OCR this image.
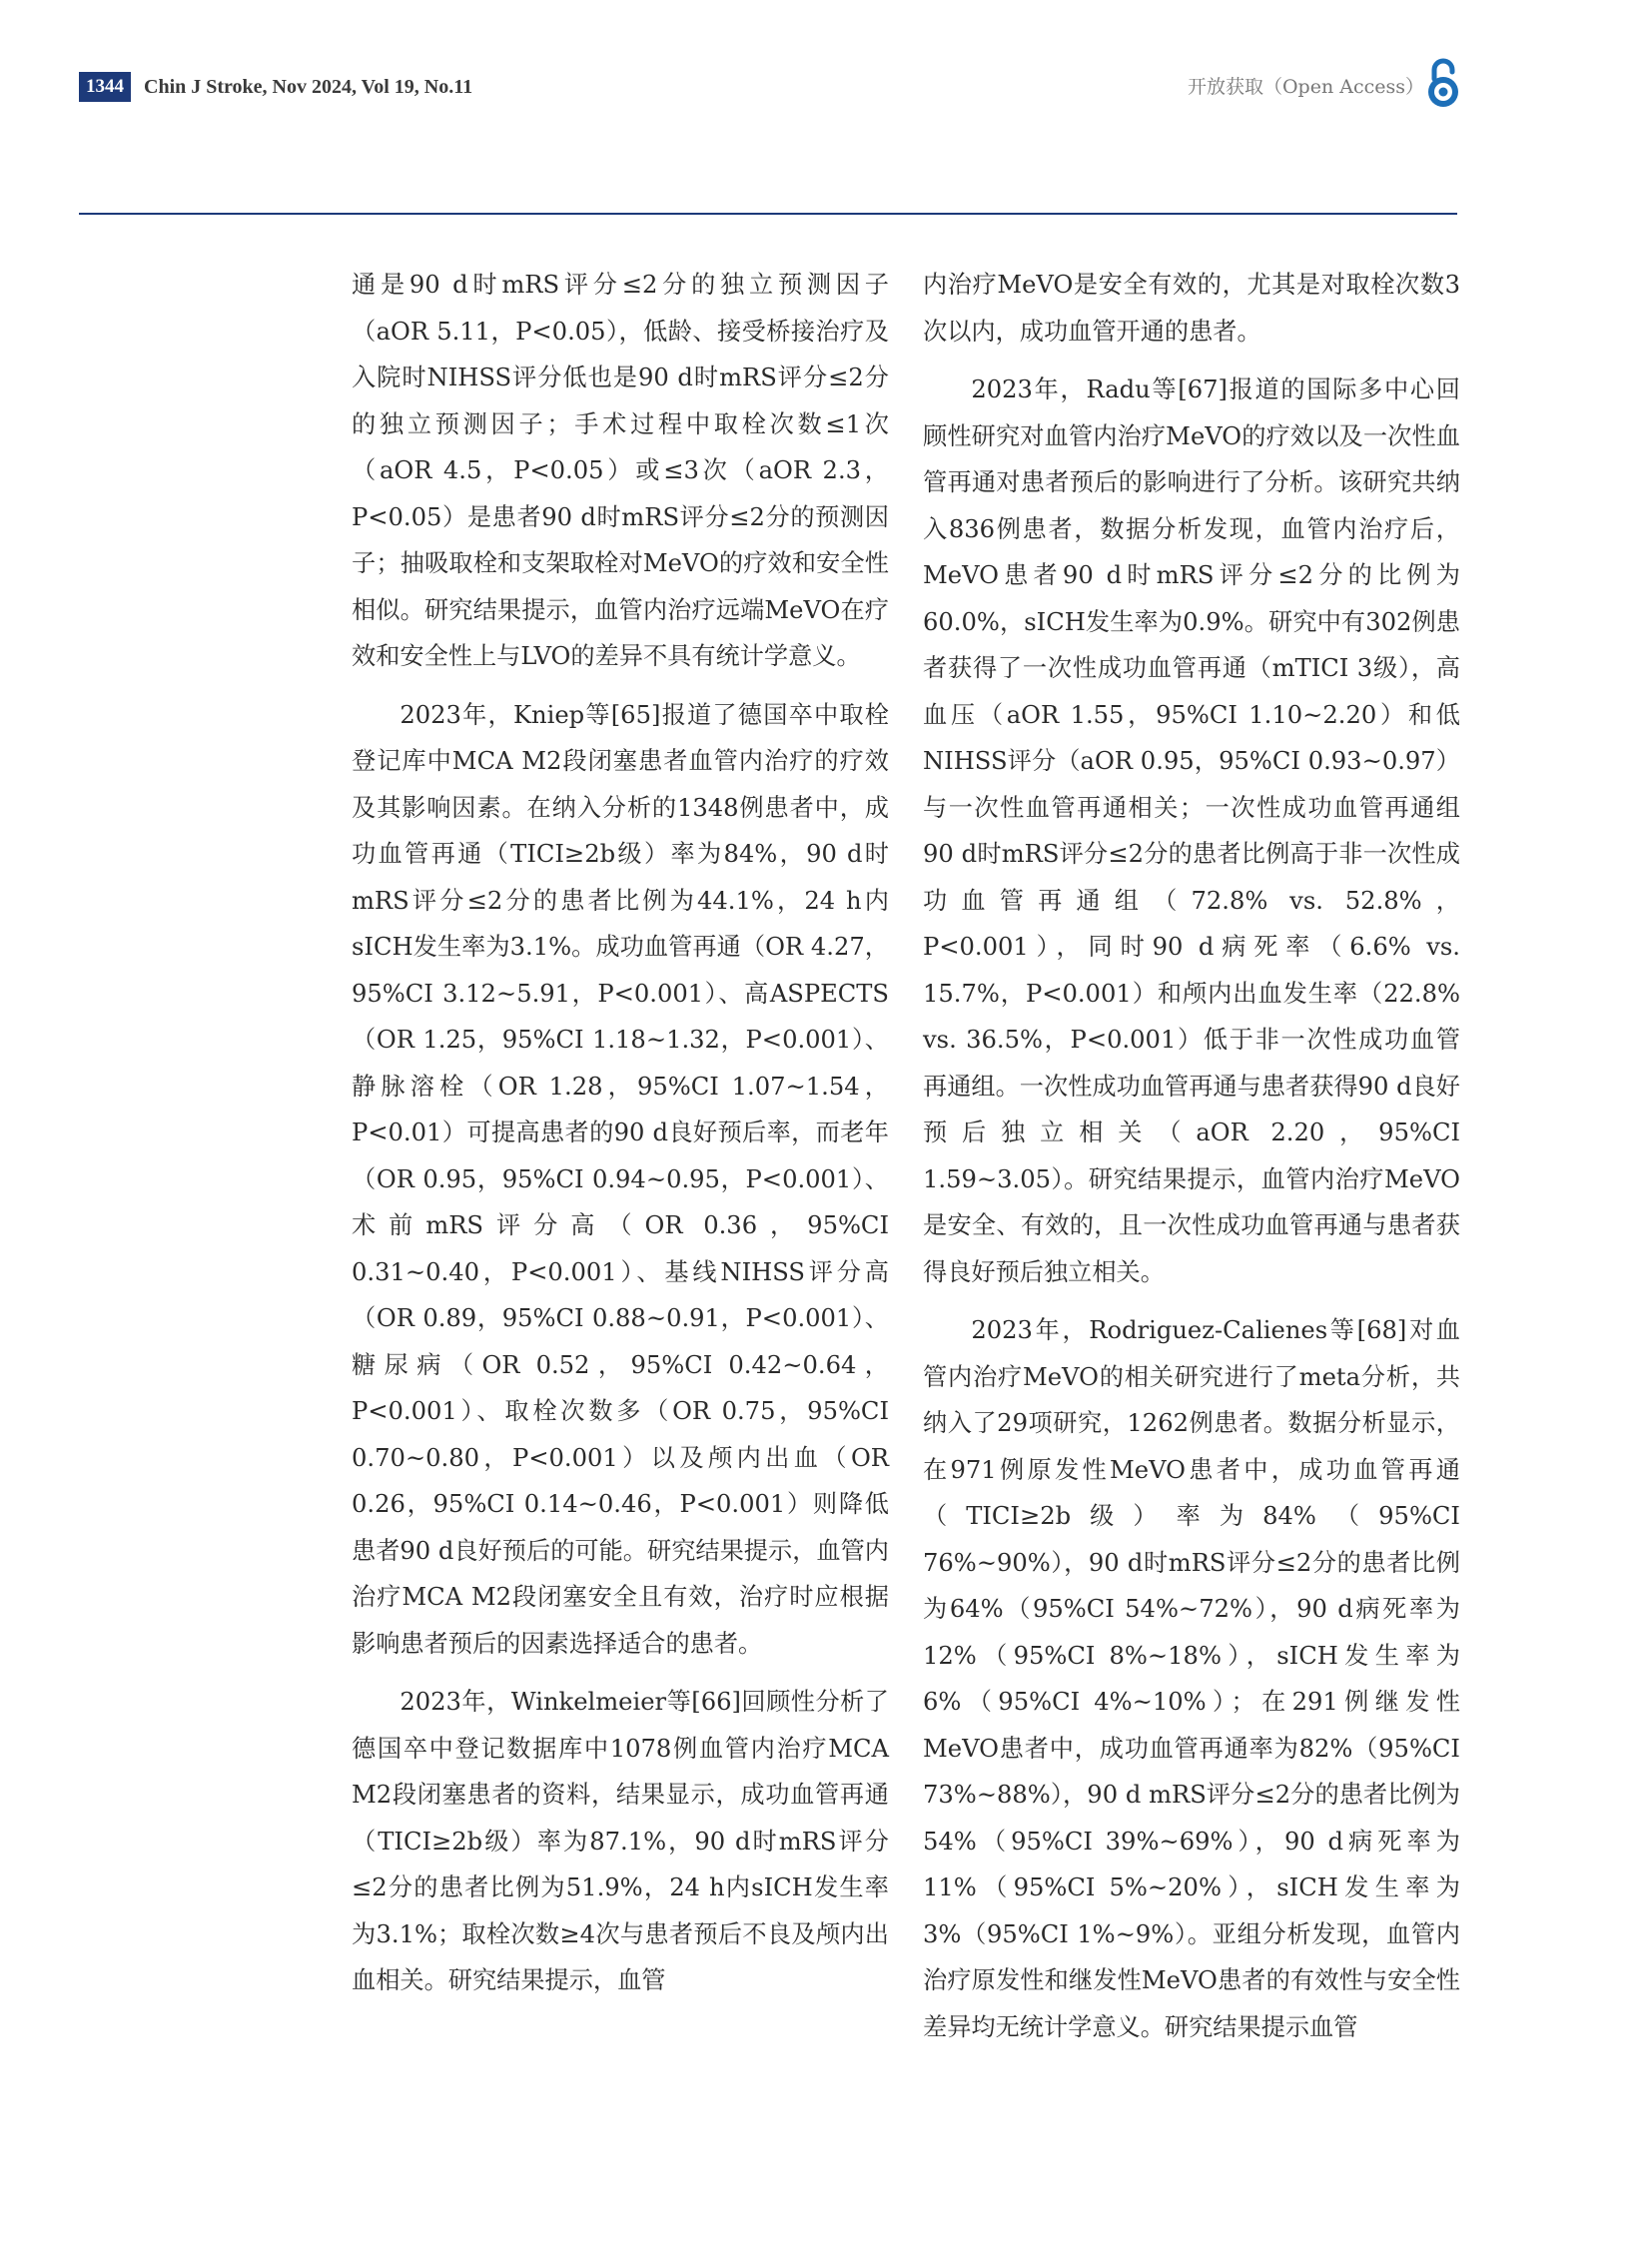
1344	Chin J Stroke, Nov 2024, Vol 19, No.11	开放获取（Open Access）

通是90 d时mRS评分≤2分的独立预测因子（aOR 5.11，P<0.05），低龄、接受桥接治疗及入院时NIHSS评分低也是90 d时mRS评分≤2分的独立预测因子；手术过程中取栓次数≤1次（aOR 4.5，P<0.05）或≤3次（aOR 2.3，P<0.05）是患者90 d时mRS评分≤2分的预测因子；抽吸取栓和支架取栓对MeVO的疗效和安全性相似。研究结果提示，血管内治疗远端MeVO在疗效和安全性上与LVO的差异不具有统计学意义。

2023年，Kniep等[65]报道了德国卒中取栓登记库中MCA M2段闭塞患者血管内治疗的疗效及其影响因素。在纳入分析的1348例患者中，成功血管再通（TICI≥2b级）率为84%，90 d时mRS评分≤2分的患者比例为44.1%，24 h内sICH发生率为3.1%。成功血管再通（OR 4.27，95%CI 3.12~5.91，P<0.001）、高ASPECTS（OR 1.25，95%CI 1.18~1.32，P<0.001）、静脉溶栓（OR 1.28，95%CI 1.07~1.54，P<0.01）可提高患者的90 d良好预后率，而老年（OR 0.95，95%CI 0.94~0.95，P<0.001）、术前mRS评分高（OR 0.36，95%CI 0.31~0.40，P<0.001）、基线NIHSS评分高（OR 0.89，95%CI 0.88~0.91，P<0.001）、糖尿病（OR 0.52，95%CI 0.42~0.64，P<0.001）、取栓次数多（OR 0.75，95%CI 0.70~0.80，P<0.001）以及颅内出血（OR 0.26，95%CI 0.14~0.46，P<0.001）则降低患者90 d良好预后的可能。研究结果提示，血管内治疗MCA M2段闭塞安全且有效，治疗时应根据影响患者预后的因素选择适合的患者。

2023年，Winkelmeier等[66]回顾性分析了德国卒中登记数据库中1078例血管内治疗MCA M2段闭塞患者的资料，结果显示，成功血管再通（TICI≥2b级）率为87.1%，90 d时mRS评分≤2分的患者比例为51.9%，24 h内sICH发生率为3.1%；取栓次数≥4次与患者预后不良及颅内出血相关。研究结果提示，血管

内治疗MeVO是安全有效的，尤其是对取栓次数3次以内，成功血管开通的患者。

2023年，Radu等[67]报道的国际多中心回顾性研究对血管内治疗MeVO的疗效以及一次性血管再通对患者预后的影响进行了分析。该研究共纳入836例患者，数据分析发现，血管内治疗后，MeVO患者90 d时mRS评分≤2分的比例为60.0%，sICH发生率为0.9%。研究中有302例患者获得了一次性成功血管再通（mTICI 3级），高血压（aOR 1.55，95%CI 1.10~2.20）和低NIHSS评分（aOR 0.95，95%CI 0.93~0.97）与一次性血管再通相关；一次性成功血管再通组90 d时mRS评分≤2分的患者比例高于非一次性成功血管再通组（72.8% vs. 52.8%，P<0.001），同时90 d病死率（6.6% vs. 15.7%，P<0.001）和颅内出血发生率（22.8% vs. 36.5%，P<0.001）低于非一次性成功血管再通组。一次性成功血管再通与患者获得90 d良好预后独立相关（aOR 2.20，95%CI 1.59~3.05）。研究结果提示，血管内治疗MeVO是安全、有效的，且一次性成功血管再通与患者获得良好预后独立相关。

2023年，Rodriguez-Calienes等[68]对血管内治疗MeVO的相关研究进行了meta分析，共纳入了29项研究，1262例患者。数据分析显示，在971例原发性MeVO患者中，成功血管再通（TICI≥2b级）率为84%（95%CI 76%~90%），90 d时mRS评分≤2分的患者比例为64%（95%CI 54%~72%），90 d病死率为12%（95%CI 8%~18%），sICH发生率为6%（95%CI 4%~10%）；在291例继发性MeVO患者中，成功血管再通率为82%（95%CI 73%~88%），90 d mRS评分≤2分的患者比例为54%（95%CI 39%~69%），90 d病死率为11%（95%CI 5%~20%），sICH发生率为3%（95%CI 1%~9%）。亚组分析发现，血管内治疗原发性和继发性MeVO患者的有效性与安全性差异均无统计学意义。研究结果提示血管
